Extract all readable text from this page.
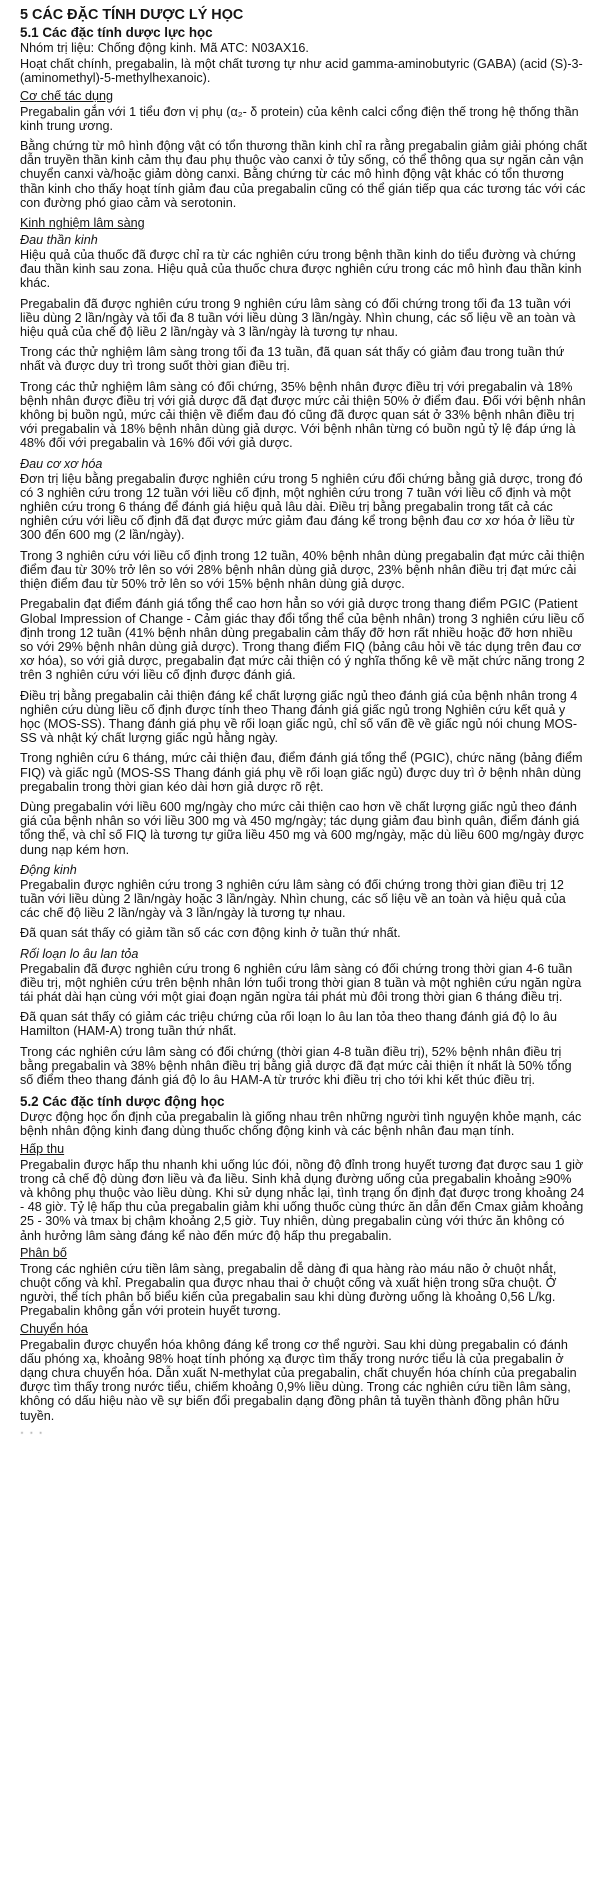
5 CÁC ĐẶC TÍNH DƯỢC LÝ HỌC
5.1 Các đặc tính dược lực học

Nhóm trị liệu: Chống động kinh. Mã ATC: N03AX16.

Hoạt chất chính, pregabalin, là một chất tương tự như acid gamma-aminobutyric (GABA) (acid (S)-3- (aminomethyl)-5-methylhexanoic).

Cơ chế tác dụng

Pregabalin gắn với 1 tiểu đơn vị phụ (α₂- δ protein) của kênh calci cổng điện thế trong hệ thống thần kinh trung ương.

Bằng chứng từ mô hình động vật có tổn thương thần kinh chỉ ra rằng pregabalin giảm giải phóng chất dẫn truyền thần kinh cảm thụ đau phụ thuộc vào canxi ở tủy sống, có thể thông qua sự ngăn cản vận chuyển canxi và/hoặc giảm dòng canxi. Bằng chứng từ các mô hình động vật khác có tổn thương thần kinh cho thấy hoạt tính giảm đau của pregabalin cũng có thể gián tiếp qua các tương tác với các con đường phó giao cảm và serotonin.

Kinh nghiệm lâm sàng
Đau thần kinh

Hiệu quả của thuốc đã được chỉ ra từ các nghiên cứu trong bệnh thần kinh do tiểu đường và chứng đau thần kinh sau zona. Hiệu quả của thuốc chưa được nghiên cứu trong các mô hình đau thần kinh khác.

Pregabalin đã được nghiên cứu trong 9 nghiên cứu lâm sàng có đối chứng trong tối đa 13 tuần với liều dùng 2 lần/ngày và tối đa 8 tuần với liều dùng 3 lần/ngày. Nhìn chung, các số liệu về an toàn và hiệu quả của chế độ liều 2 lần/ngày và 3 lần/ngày là tương tự nhau.

Trong các thử nghiệm lâm sàng trong tối đa 13 tuần, đã quan sát thấy có giảm đau trong tuần thứ nhất và được duy trì trong suốt thời gian điều trị.

Trong các thử nghiệm lâm sàng có đối chứng, 35% bệnh nhân được điều trị với pregabalin và 18% bệnh nhân được điều trị với giả dược đã đạt được mức cải thiện 50% ở điểm đau. Đối với bệnh nhân không bị buồn ngủ, mức cải thiện về điểm đau đó cũng đã được quan sát ở 33% bệnh nhân điều trị với pregabalin và 18% bệnh nhân dùng giả dược. Với bệnh nhân từng có buồn ngủ tỷ lệ đáp ứng là 48% đối với pregabalin và 16% đối với giả dược.

Đau cơ xơ hóa

Đơn trị liệu bằng pregabalin được nghiên cứu trong 5 nghiên cứu đối chứng bằng giả dược, trong đó có 3 nghiên cứu trong 12 tuần với liều cố định, một nghiên cứu trong 7 tuần với liều cố định và một nghiên cứu trong 6 tháng để đánh giá hiệu quả lâu dài. Điều trị bằng pregabalin trong tất cả các nghiên cứu với liều cố định đã đạt được mức giảm đau đáng kể trong bệnh đau cơ xơ hóa ở liều từ 300 đến 600 mg (2 lần/ngày).

Trong 3 nghiên cứu với liều cố định trong 12 tuần, 40% bệnh nhân dùng pregabalin đạt mức cải thiện điểm đau từ 30% trở lên so với 28% bệnh nhân dùng giả dược, 23% bệnh nhân điều trị đạt mức cải thiện điểm đau từ 50% trở lên so với 15% bệnh nhân dùng giả dược.

Pregabalin đạt điểm đánh giá tổng thể cao hơn hẳn so với giả dược trong thang điểm PGIC (Patient Global Impression of Change - Cảm giác thay đổi tổng thể của bệnh nhân) trong 3 nghiên cứu liều cố định trong 12 tuần (41% bệnh nhân dùng pregabalin cảm thấy đỡ hơn rất nhiều hoặc đỡ hơn nhiều so với 29% bệnh nhân dùng giả dược). Trong thang điểm FIQ (bảng câu hỏi về tác dụng trên đau cơ xơ hóa), so với giả dược, pregabalin đạt mức cải thiện có ý nghĩa thống kê về mặt chức năng trong 2 trên 3 nghiên cứu với liều cố định được đánh giá.

Điều trị bằng pregabalin cải thiện đáng kể chất lượng giấc ngủ theo đánh giá của bệnh nhân trong 4 nghiên cứu dùng liều cố định được tính theo Thang đánh giá giấc ngủ trong Nghiên cứu kết quả y học (MOS-SS). Thang đánh giá phụ về rối loạn giấc ngủ, chỉ số vấn đề về giấc ngủ nói chung MOS-SS và nhật ký chất lượng giấc ngủ hằng ngày.

Trong nghiên cứu 6 tháng, mức cải thiện đau, điểm đánh giá tổng thể (PGIC), chức năng (bảng điểm FIQ) và giấc ngủ (MOS-SS Thang đánh giá phụ về rối loạn giấc ngủ) được duy trì ở bệnh nhân dùng pregabalin trong thời gian kéo dài hơn giả dược rõ rệt.

Dùng pregabalin với liều 600 mg/ngày cho mức cải thiện cao hơn về chất lượng giấc ngủ theo đánh giá của bệnh nhân so với liều 300 mg và 450 mg/ngày; tác dụng giảm đau bình quân, điểm đánh giá tổng thể, và chỉ số FIQ là tương tự giữa liều 450 mg và 600 mg/ngày, mặc dù liều 600 mg/ngày được dung nạp kém hơn.

Động kinh

Pregabalin được nghiên cứu trong 3 nghiên cứu lâm sàng có đối chứng trong thời gian điều trị 12 tuần với liều dùng 2 lần/ngày hoặc 3 lần/ngày. Nhìn chung, các số liệu về an toàn và hiệu quả của các chế độ liều 2 lần/ngày và 3 lần/ngày là tương tự nhau.

Đã quan sát thấy có giảm tần số các cơn động kinh ở tuần thứ nhất.

Rối loạn lo âu lan tỏa

Pregabalin đã được nghiên cứu trong 6 nghiên cứu lâm sàng có đối chứng trong thời gian 4-6 tuần điều trị, một nghiên cứu trên bệnh nhân lớn tuổi trong thời gian 8 tuần và một nghiên cứu ngăn ngừa tái phát dài hạn cùng với một giai đoạn ngăn ngừa tái phát mù đôi trong thời gian 6 tháng điều trị.

Đã quan sát thấy có giảm các triệu chứng của rối loạn lo âu lan tỏa theo thang đánh giá độ lo âu Hamilton (HAM-A) trong tuần thứ nhất.

Trong các nghiên cứu lâm sàng có đối chứng (thời gian 4-8 tuần điều trị), 52% bệnh nhân điều trị bằng pregabalin và 38% bệnh nhân điều trị bằng giả dược đã đạt mức cải thiện ít nhất là 50% tổng số điểm theo thang đánh giá độ lo âu HAM-A từ trước khi điều trị cho tới khi kết thúc điều trị.

5.2 Các đặc tính dược động học

Dược động học ổn định của pregabalin là giống nhau trên những người tình nguyện khỏe mạnh, các bệnh nhân động kinh đang dùng thuốc chống động kinh và các bệnh nhân đau mạn tính.

Hấp thu

Pregabalin được hấp thu nhanh khi uống lúc đói, nồng độ đỉnh trong huyết tương đạt được sau 1 giờ trong cả chế độ dùng đơn liều và đa liều. Sinh khả dụng đường uống của pregabalin khoảng ≥90% và không phụ thuộc vào liều dùng. Khi sử dụng nhắc lại, tình trạng ổn định đạt được trong khoảng 24 - 48 giờ. Tỷ lệ hấp thu của pregabalin giảm khi uống thuốc cùng thức ăn dẫn đến Cmax giảm khoảng 25 - 30% và tmax bị chậm khoảng 2,5 giờ. Tuy nhiên, dùng pregabalin cùng với thức ăn không có ảnh hưởng lâm sàng đáng kể nào đến mức độ hấp thu pregabalin.

Phân bố

Trong các nghiên cứu tiền lâm sàng, pregabalin dễ dàng đi qua hàng rào máu não ở chuột nhắt, chuột cống và khỉ. Pregabalin qua được nhau thai ở chuột cống và xuất hiện trong sữa chuột. Ở người, thể tích phân bố biểu kiến của pregabalin sau khi dùng đường uống là khoảng 0,56 L/kg. Pregabalin không gắn với protein huyết tương.

Chuyển hóa

Pregabalin được chuyển hóa không đáng kể trong cơ thể người. Sau khi dùng pregabalin có đánh dấu phóng xạ, khoảng 98% hoạt tính phóng xạ được tìm thấy trong nước tiểu là của pregabalin ở dạng chưa chuyển hóa. Dẫn xuất N-methylat của pregabalin, chất chuyển hóa chính của pregabalin được tìm thấy trong nước tiểu, chiếm khoảng 0,9% liều dùng. Trong các nghiên cứu tiền lâm sàng, không có dấu hiệu nào về sự biến đổi pregabalin dạng đồng phân tả tuyền thành đồng phân hữu tuyền.

· · ·
